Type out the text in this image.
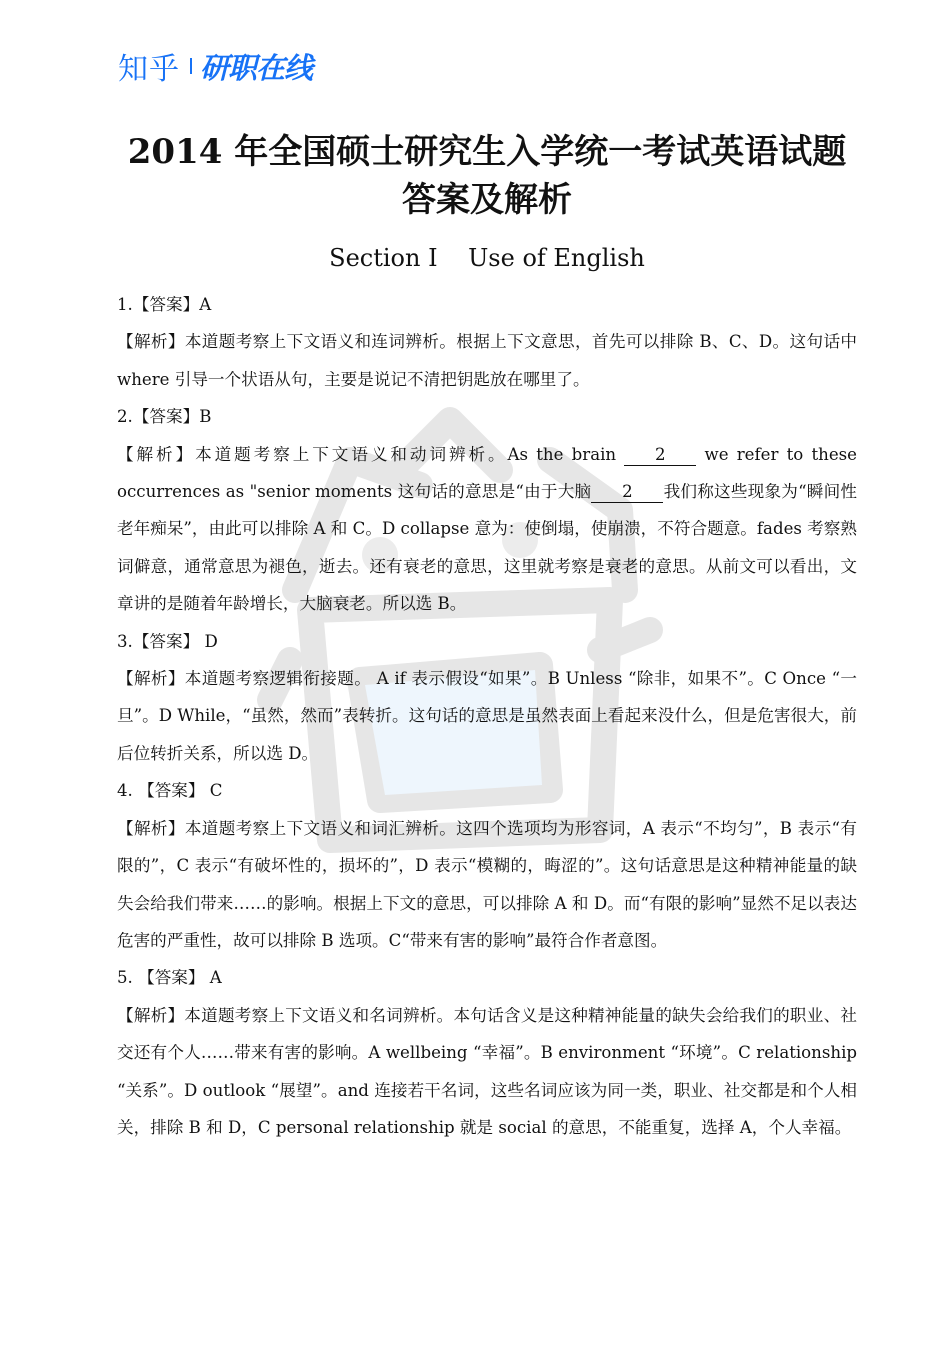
知乎 研职在线
2014 年全国硕士研究生入学统一考试英语试题
答案及解析
Section I    Use of English

1.【答案】A

【解析】本道题考察上下文语义和连词辨析。根据上下文意思，首先可以排除 B、C、D。这句话中 where 引导一个状语从句，主要是说记不清把钥匙放在哪里了。

2.【答案】B

【解析】本道题考察上下文语义和动词辨析。As the brain 2 we refer to these occurrences as "senior moments 这句话的意思是“由于大脑 2 我们称这些现象为“瞬间性老年痴呆”，由此可以排除 A 和 C。D collapse 意为：使倒塌，使崩溃，不符合题意。fades 考察熟词僻意，通常意思为褪色，逝去。还有衰老的意思，这里就考察是衰老的意思。从前文可以看出，文章讲的是随着年龄增长，大脑衰老。所以选 B。

3.【答案】 D

【解析】本道题考察逻辑衔接题。 A if 表示假设“如果”。B Unless “除非，如果不”。C Once “一旦”。D While，“虽然，然而”表转折。这句话的意思是虽然表面上看起来没什么，但是危害很大，前后位转折关系，所以选 D。

4. 【答案】 C

【解析】本道题考察上下文语义和词汇辨析。这四个选项均为形容词，A 表示“不均匀”，B 表示“有限的”，C 表示“有破坏性的，损坏的”，D 表示“模糊的，晦涩的”。这句话意思是这种精神能量的缺失会给我们带来……的影响。根据上下文的意思，可以排除 A 和 D。而“有限的影响”显然不足以表达危害的严重性，故可以排除 B 选项。C“带来有害的影响”最符合作者意图。

5. 【答案】 A

【解析】本道题考察上下文语义和名词辨析。本句话含义是这种精神能量的缺失会给我们的职业、社交还有个人……带来有害的影响。A wellbeing “幸福”。B environment “环境”。C relationship “关系”。D outlook “展望”。and 连接若干名词，这些名词应该为同一类，职业、社交都是和个人相关，排除 B 和 D，C personal relationship 就是 social 的意思，不能重复，选择 A，个人幸福。
